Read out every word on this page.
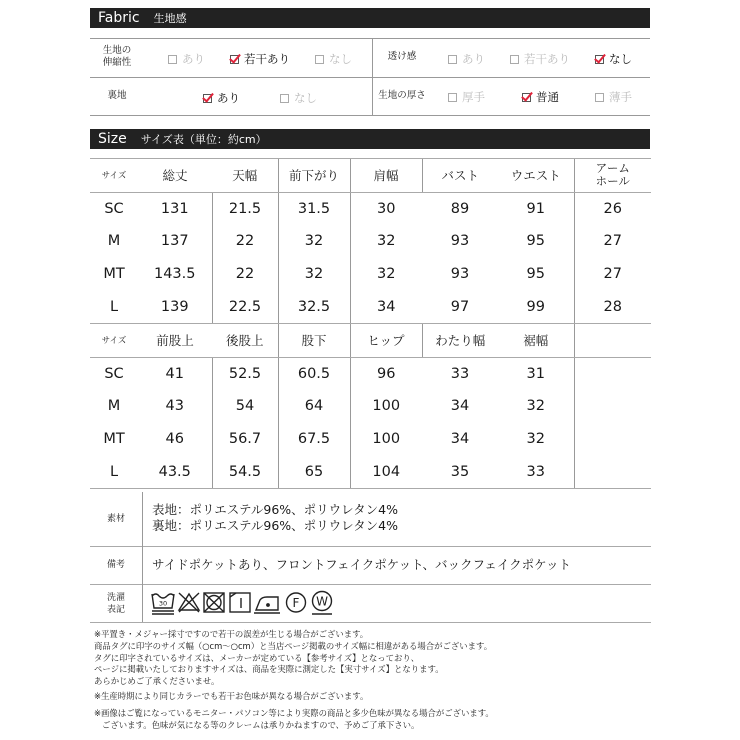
Fabric 生地感
生地の
伸縮性	あり	若干あり	なし	透け感	あり	若干あり	なし
裏地	あり	なし	生地の厚さ	厚手	普通	薄手
Size サイズ表（単位：約cm）
サイズ	総丈	天幅	前下がり	肩幅	バスト	ウエスト	アーム
ホール

SC	131	21.5	31.5	30	89	91	26
M	137	22	32	32	93	95	27
MT	143.5	22	32	32	93	95	27
L	139	22.5	32.5	34	97	99	28
サイズ	前股上	後股上	股下	ヒップ	わたり幅	裾幅	
SC	41	52.5	60.5	96	33	31	
M	43	54	64	100	34	32	
MT	46	56.7	67.5	100	34	32	
L	43.5	54.5	65	104	35	33	
素材
表地：ポリエステル96%、ポリウレタン4%
裏地：ポリエステル96%、ポリウレタン4%
備考	サイドポケットあり、フロントフェイクポケット、バックフェイクポケット
洗濯
表記
30	F W
※平置き・メジャー採寸ですので若干の誤差が生じる場合がございます。
商品タグに印字のサイズ幅（○cm〜○cm）と当店ページ掲載のサイズ幅に相違がある場合がございます。
タグに印字されているサイズは、メーカーが定めている【参考サイズ】となっており、
ページに掲載いたしておりますサイズは、商品を実際に測定した【実寸サイズ】となります。
あらかじめご了承くださいませ。
※生産時期により同じカラーでも若干お色味が異なる場合がございます。
※画像はご覧になっているモニター・パソコン等により実際の商品と多少色味が異なる場合がございます。
ございます。色味が気になる等のクレームは承りかねますので、予めご了承下さい。
